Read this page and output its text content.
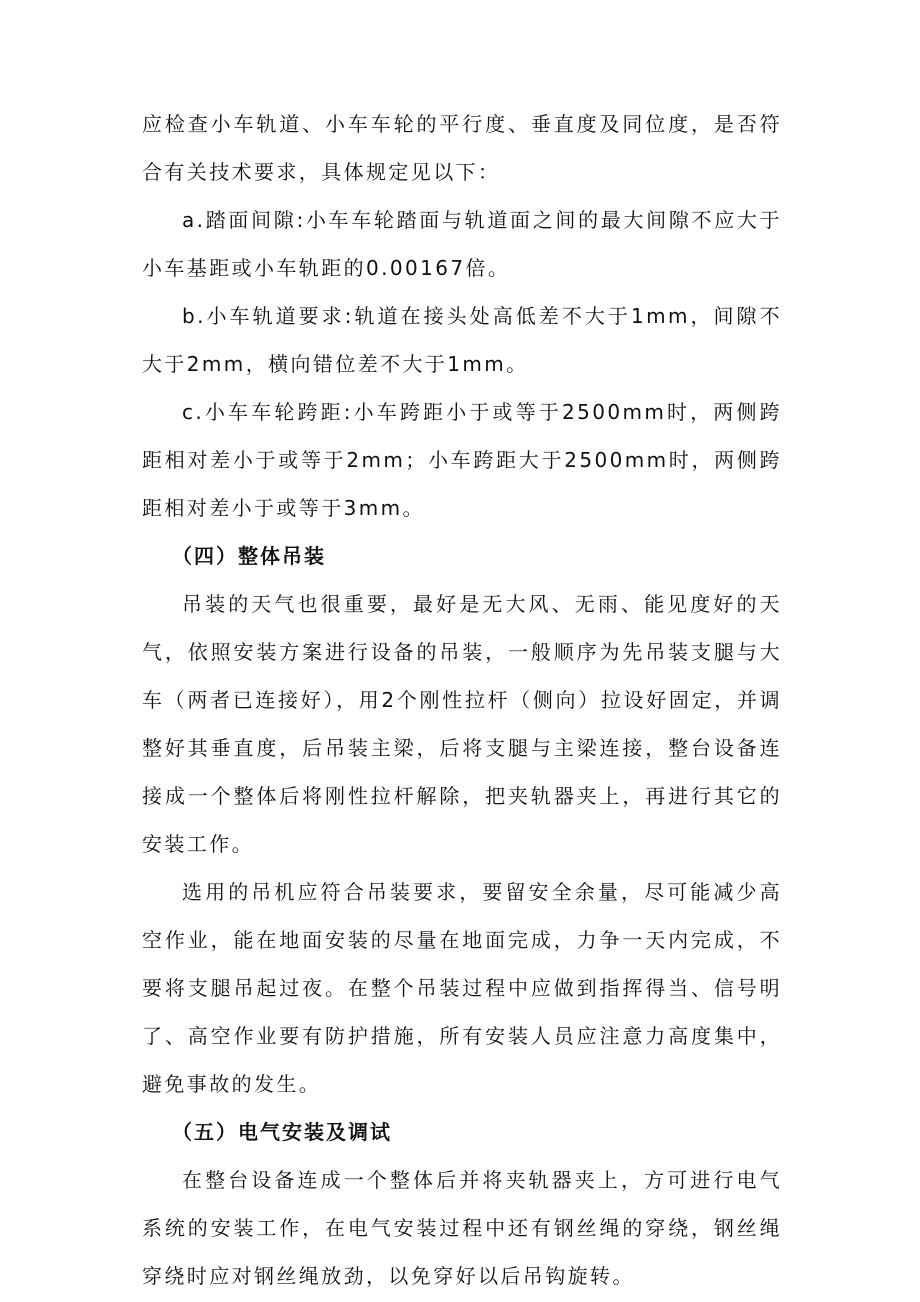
应检查小车轨道、小车车轮的平行度、垂直度及同位度，是否符合有关技术要求，具体规定见以下：

a.踏面间隙:小车车轮踏面与轨道面之间的最大间隙不应大于小车基距或小车轨距的0.00167倍。

b.小车轨道要求:轨道在接头处高低差不大于1mm，间隙不大于2mm，横向错位差不大于1mm。

c.小车车轮跨距:小车跨距小于或等于2500mm时，两侧跨距相对差小于或等于2mm；小车跨距大于2500mm时，两侧跨距相对差小于或等于3mm。

（四）整体吊装

吊装的天气也很重要，最好是无大风、无雨、能见度好的天气，依照安装方案进行设备的吊装，一般顺序为先吊装支腿与大车（两者已连接好），用2个刚性拉杆（侧向）拉设好固定，并调整好其垂直度，后吊装主梁，后将支腿与主梁连接，整台设备连接成一个整体后将刚性拉杆解除，把夹轨器夹上，再进行其它的安装工作。

选用的吊机应符合吊装要求，要留安全余量，尽可能减少高空作业，能在地面安装的尽量在地面完成，力争一天内完成，不要将支腿吊起过夜。在整个吊装过程中应做到指挥得当、信号明了、高空作业要有防护措施，所有安装人员应注意力高度集中，避免事故的发生。

（五）电气安装及调试

在整台设备连成一个整体后并将夹轨器夹上，方可进行电气系统的安装工作，在电气安装过程中还有钢丝绳的穿绕，钢丝绳穿绕时应对钢丝绳放劲，以免穿好以后吊钩旋转。
